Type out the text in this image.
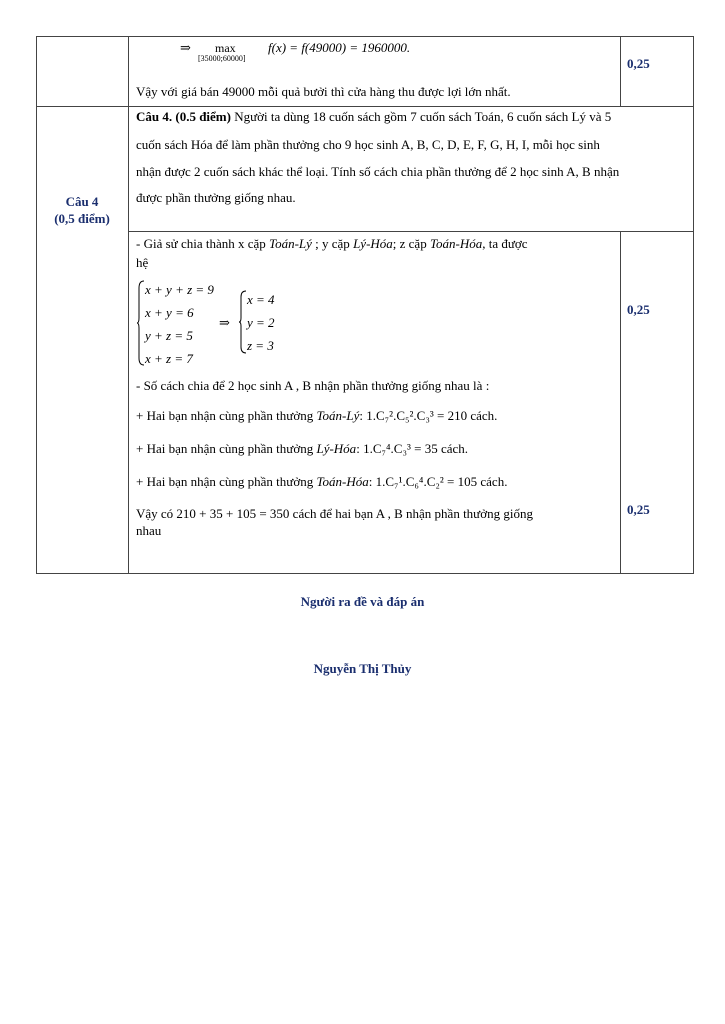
⇒ max
[35000;60000]
f(x) = f(49000) = 1960000.
Vậy với giá bán 49000 mỗi quả bưởi thì cửa hàng thu được lợi lớn nhất.
0,25
Câu 4
(0,5 điểm)
Câu 4. (0.5 điểm) Người ta dùng 18 cuốn sách gồm 7 cuốn sách Toán, 6 cuốn sách Lý và 5
cuốn sách Hóa để làm phần thưởng cho 9 học sinh A, B, C, D, E, F, G, H, I, mỗi học sinh
nhận được 2 cuốn sách khác thể loại. Tính số cách chia phần thưởng để 2 học sinh A, B nhận
được phần thưởng giống nhau.
- Giả sử chia thành x cặp Toán-Lý ; y cặp Lý-Hóa; z cặp Toán-Hóa, ta được
hệ
x + y + z = 9
x + y = 6
y + z = 5
x + z = 7
⇒
x = 4
y = 2
z = 3
- Số cách chia để 2 học sinh A , B nhận phần thưởng giống nhau là :
+ Hai bạn nhận cùng phần thưởng Toán-Lý: 1.C₇².C₅².C₃³ = 210 cách.
+ Hai bạn nhận cùng phần thưởng Lý-Hóa: 1.C₇⁴.C₃³ = 35 cách.
+ Hai bạn nhận cùng phần thưởng Toán-Hóa: 1.C₇¹.C₆⁴.C₂² = 105 cách.
Vậy có 210 + 35 + 105 = 350 cách để hai bạn A , B nhận phần thưởng giống
nhau
0,25
0,25
Người ra đề và đáp án
Nguyễn Thị Thủy
